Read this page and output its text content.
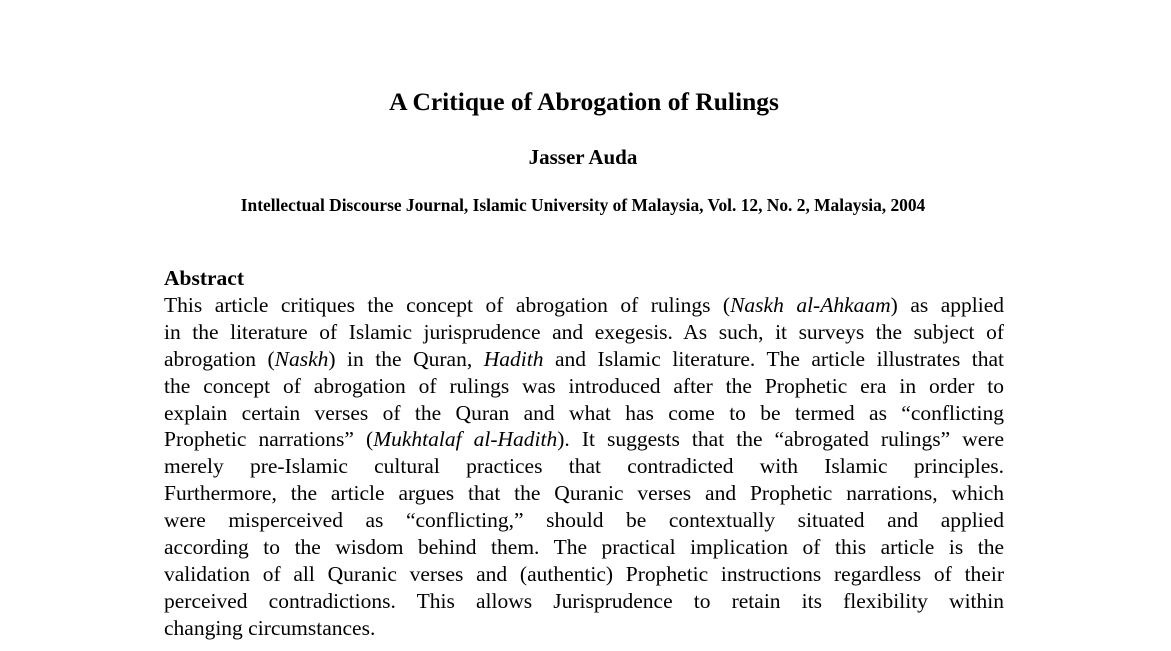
A Critique of Abrogation of Rulings
Jasser Auda
Intellectual Discourse Journal, Islamic University of Malaysia, Vol. 12, No. 2, Malaysia, 2004
Abstract
This article critiques the concept of abrogation of rulings (Naskh al-Ahkaam) as applied
in the literature of Islamic jurisprudence and exegesis. As such, it surveys the subject of
abrogation (Naskh) in the Quran, Hadith and Islamic literature. The article illustrates that
the concept of abrogation of rulings was introduced after the Prophetic era in order to
explain certain verses of the Quran and what has come to be termed as “conflicting
Prophetic narrations” (Mukhtalaf al-Hadith). It suggests that the “abrogated rulings” were
merely pre-Islamic cultural practices that contradicted with Islamic principles.
Furthermore, the article argues that the Quranic verses and Prophetic narrations, which
were misperceived as “conflicting,” should be contextually situated and applied
according to the wisdom behind them. The practical implication of this article is the
validation of all Quranic verses and (authentic) Prophetic instructions regardless of their
perceived contradictions. This allows Jurisprudence to retain its flexibility within
changing circumstances.
